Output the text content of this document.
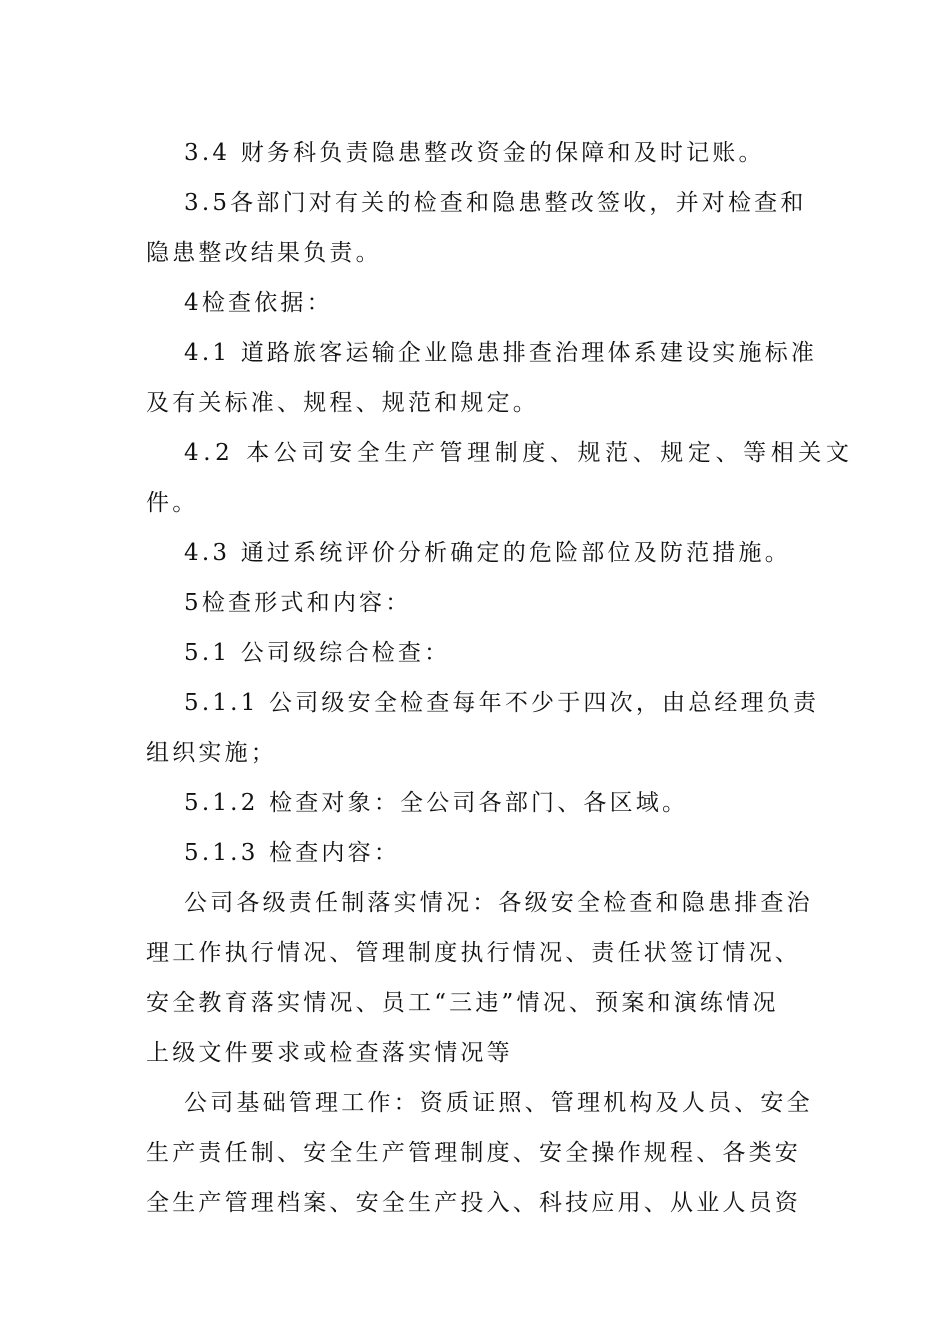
3.4 财务科负责隐患整改资金的保障和及时记账。
3.5各部门对有关的检查和隐患整改签收，并对检查和
隐患整改结果负责。
4检查依据：
4.1 道路旅客运输企业隐患排查治理体系建设实施标准
及有关标准、规程、规范和规定。
4.2 本公司安全生产管理制度、规范、规定、等相关文
件。
4.3 通过系统评价分析确定的危险部位及防范措施。
5检查形式和内容：
5.1 公司级综合检查：
5.1.1 公司级安全检查每年不少于四次，由总经理负责
组织实施；
5.1.2 检查对象：全公司各部门、各区域。
5.1.3 检查内容：
公司各级责任制落实情况：各级安全检查和隐患排查治
理工作执行情况、管理制度执行情况、责任状签订情况、
安全教育落实情况、员工“三违”情况、预案和演练情况
上级文件要求或检查落实情况等
公司基础管理工作：资质证照、管理机构及人员、安全
生产责任制、安全生产管理制度、安全操作规程、各类安
全生产管理档案、安全生产投入、科技应用、从业人员资
